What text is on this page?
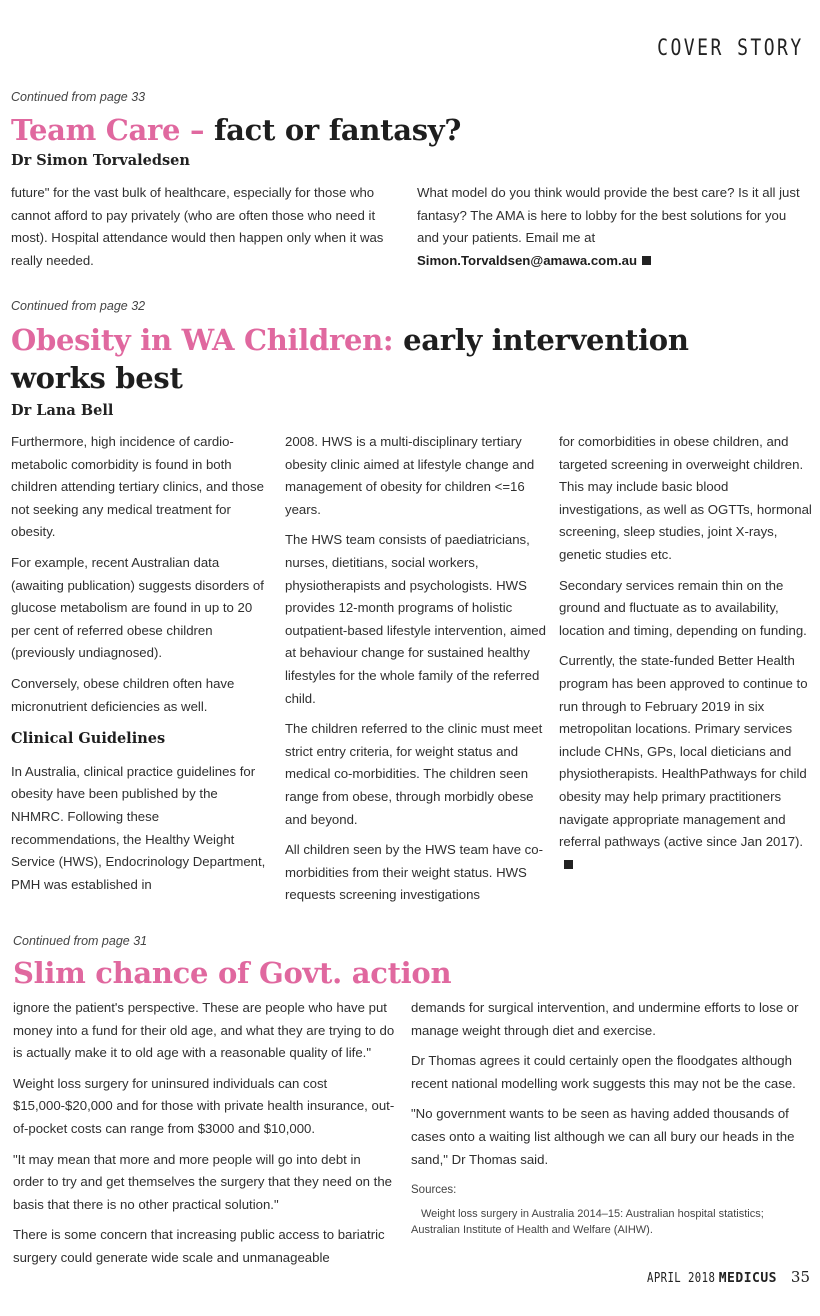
COVER STORY
Continued from page 33
Team Care – fact or fantasy?
Dr Simon Torvaledsen

future" for the vast bulk of healthcare, especially for those who cannot afford to pay privately (who are often those who need it most). Hospital attendance would then happen only when it was really needed.

What model do you think would provide the best care? Is it all just fantasy? The AMA is here to lobby for the best solutions for you and your patients. Email me at
Simon.Torvaldsen@amawa.com.au

Continued from page 32
Obesity in WA Children: early intervention works best
Dr Lana Bell

Furthermore, high incidence of cardio-metabolic comorbidity is found in both children attending tertiary clinics, and those not seeking any medical treatment for obesity.

For example, recent Australian data (awaiting publication) suggests disorders of glucose metabolism are found in up to 20 per cent of referred obese children (previously undiagnosed).

Conversely, obese children often have micronutrient deficiencies as well.

Clinical Guidelines

In Australia, clinical practice guidelines for obesity have been published by the NHMRC. Following these recommendations, the Healthy Weight Service (HWS), Endocrinology Department, PMH was established in

2008. HWS is a multi-disciplinary tertiary obesity clinic aimed at lifestyle change and management of obesity for children <=16 years.

The HWS team consists of paediatricians, nurses, dietitians, social workers, physiotherapists and psychologists. HWS provides 12-month programs of holistic outpatient-based lifestyle intervention, aimed at behaviour change for sustained healthy lifestyles for the whole family of the referred child.

The children referred to the clinic must meet strict entry criteria, for weight status and medical co-morbidities. The children seen range from obese, through morbidly obese and beyond.

All children seen by the HWS team have co-morbidities from their weight status. HWS requests screening investigations

for comorbidities in obese children, and targeted screening in overweight children. This may include basic blood investigations, as well as OGTTs, hormonal screening, sleep studies, joint X-rays, genetic studies etc.

Secondary services remain thin on the ground and fluctuate as to availability, location and timing, depending on funding.

Currently, the state-funded Better Health program has been approved to continue to run through to February 2019 in six metropolitan locations. Primary services include CHNs, GPs, local dieticians and physiotherapists. HealthPathways for child obesity may help primary practitioners navigate appropriate management and referral pathways (active since Jan 2017).

Continued from page 31
Slim chance of Govt. action

ignore the patient's perspective. These are people who have put money into a fund for their old age, and what they are trying to do is actually make it to old age with a reasonable quality of life."

Weight loss surgery for uninsured individuals can cost $15,000-$20,000 and for those with private health insurance, out-of-pocket costs can range from $3000 and $10,000.

"It may mean that more and more people will go into debt in order to try and get themselves the surgery that they need on the basis that there is no other practical solution."

There is some concern that increasing public access to bariatric surgery could generate wide scale and unmanageable

demands for surgical intervention, and undermine efforts to lose or manage weight through diet and exercise.

Dr Thomas agrees it could certainly open the floodgates although recent national modelling work suggests this may not be the case.

"No government wants to be seen as having added thousands of cases onto a waiting list although we can all bury our heads in the sand," Dr Thomas said.

Sources:
Weight loss surgery in Australia 2014–15: Australian hospital statistics; Australian Institute of Health and Welfare (AIHW).
APRIL 2018 MEDICUS 35
